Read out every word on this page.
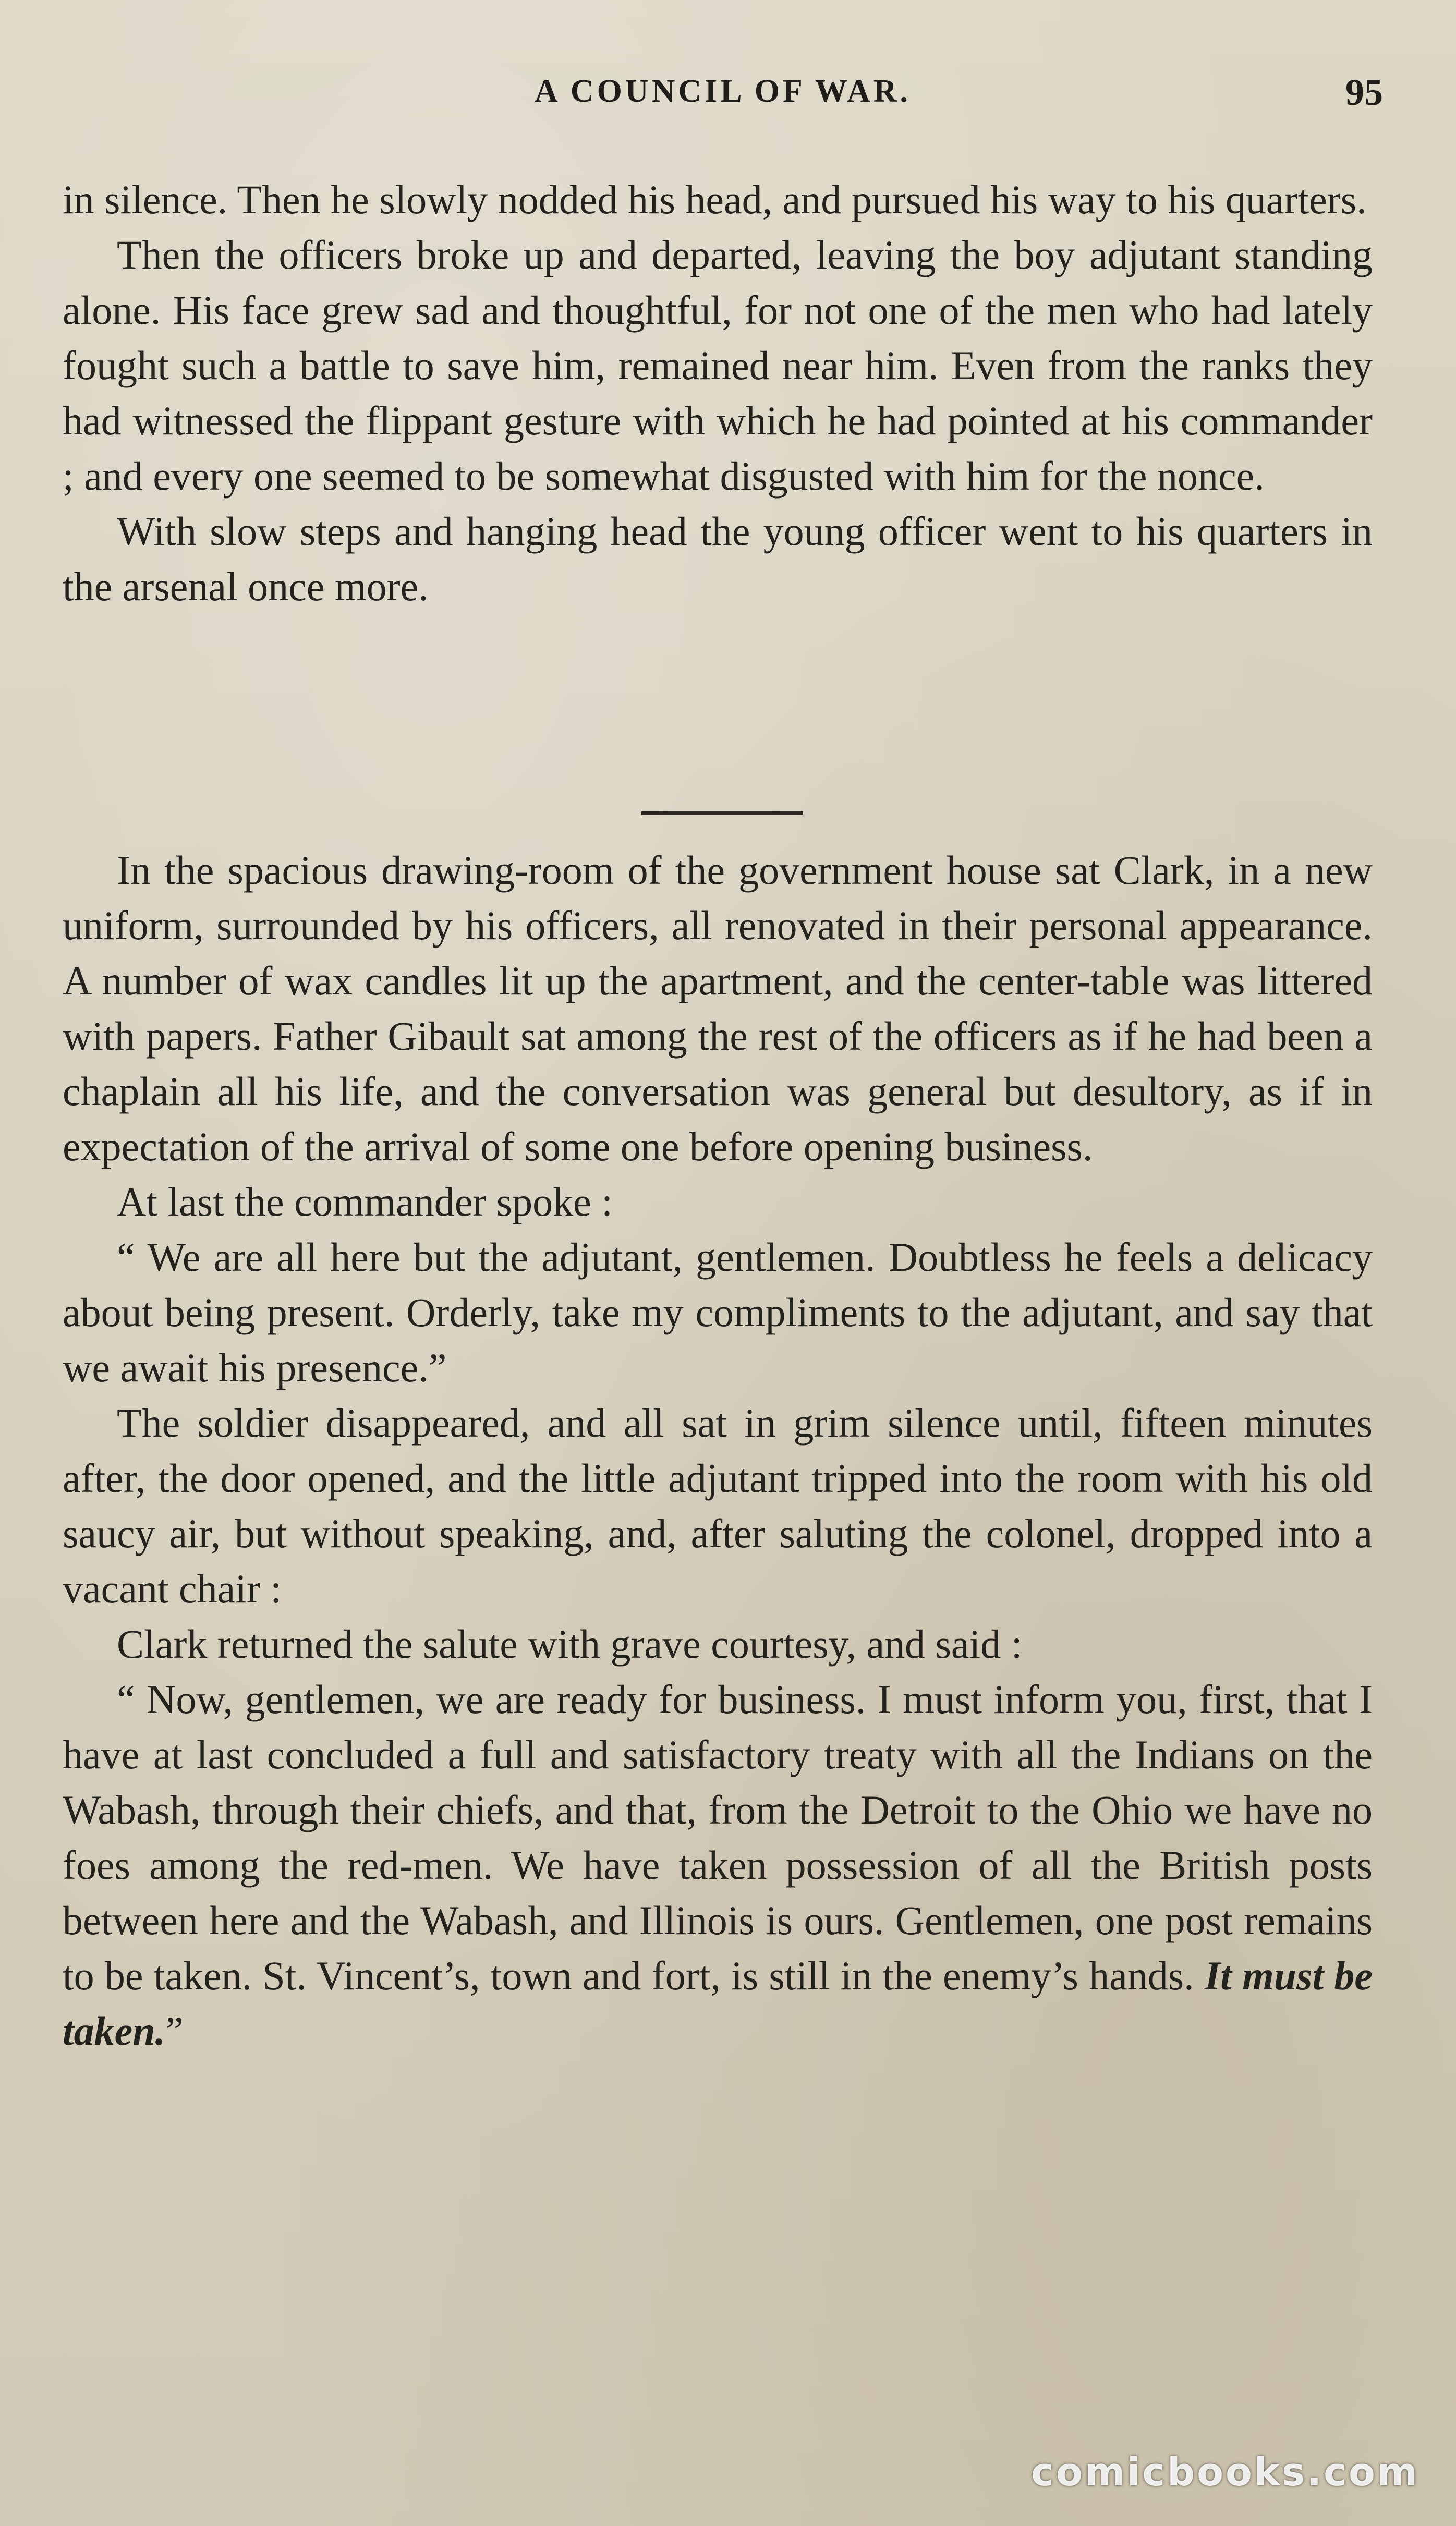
A COUNCIL OF WAR.	95

in silence. Then he slowly nodded his head, and pursued his way to his quarters.

Then the officers broke up and departed, leaving the boy adjutant standing alone. His face grew sad and thoughtful, for not one of the men who had lately fought such a battle to save him, remained near him. Even from the ranks they had witnessed the flippant gesture with which he had pointed at his commander ; and every one seemed to be somewhat disgusted with him for the nonce.

With slow steps and hanging head the young officer went to his quarters in the arsenal once more.

In the spacious drawing-room of the government house sat Clark, in a new uniform, surrounded by his officers, all renovated in their personal appearance. A number of wax candles lit up the apartment, and the center-table was littered with papers. Father Gibault sat among the rest of the officers as if he had been a chaplain all his life, and the conversation was general but desultory, as if in expectation of the arrival of some one before opening business.

At last the commander spoke :

“ We are all here but the adjutant, gentlemen. Doubtless he feels a delicacy about being present. Orderly, take my compliments to the adjutant, and say that we await his presence.”

The soldier disappeared, and all sat in grim silence until, fifteen minutes after, the door opened, and the little adjutant tripped into the room with his old saucy air, but without speaking, and, after saluting the colonel, dropped into a vacant chair :

Clark returned the salute with grave courtesy, and said :

“ Now, gentlemen, we are ready for business. I must inform you, first, that I have at last concluded a full and satisfactory treaty with all the Indians on the Wabash, through their chiefs, and that, from the Detroit to the Ohio we have no foes among the red-men. We have taken possession of all the British posts between here and the Wabash, and Illinois is ours. Gentlemen, one post remains to be taken. St. Vincent’s, town and fort, is still in the enemy’s hands. It must be taken.”

comicbooks.com
